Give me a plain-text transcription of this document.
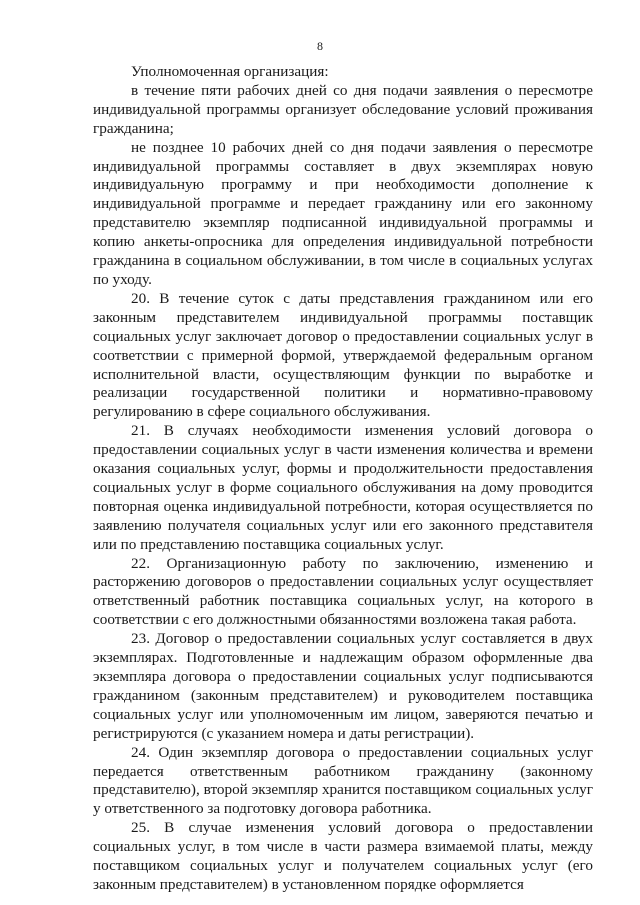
8

Уполномоченная организация:

в течение пяти рабочих дней со дня подачи заявления о пересмотре индивидуальной программы организует обследование условий проживания гражданина;

не позднее 10 рабочих дней со дня подачи заявления о пересмотре индивидуальной программы составляет в двух экземплярах новую индивидуальную программу и при необходимости дополнение к индивидуальной программе и передает гражданину или его законному представителю экземпляр подписанной индивидуальной программы и копию анкеты-опросника для определения индивидуальной потребности гражданина в социальном обслуживании, в том числе в социальных услугах по уходу.

20. В течение суток с даты представления гражданином или его законным представителем индивидуальной программы поставщик социальных услуг заключает договор о предоставлении социальных услуг в соответствии с примерной формой, утверждаемой федеральным органом исполнительной власти, осуществляющим функции по выработке и реализации государственной политики и нормативно-правовому регулированию в сфере социального обслуживания.

21. В случаях необходимости изменения условий договора о предоставлении социальных услуг в части изменения количества и времени оказания социальных услуг, формы и продолжительности предоставления социальных услуг в форме социального обслуживания на дому проводится повторная оценка индивидуальной потребности, которая осуществляется по заявлению получателя социальных услуг или его законного представителя или по представлению поставщика социальных услуг.

22. Организационную работу по заключению, изменению и расторжению договоров о предоставлении социальных услуг осуществляет ответственный работник поставщика социальных услуг, на которого в соответствии с его должностными обязанностями возложена такая работа.

23. Договор о предоставлении социальных услуг составляется в двух экземплярах. Подготовленные и надлежащим образом оформленные два экземпляра договора о предоставлении социальных услуг подписываются гражданином (законным представителем) и руководителем поставщика социальных услуг или уполномоченным им лицом, заверяются печатью и регистрируются (с указанием номера и даты регистрации).

24. Один экземпляр договора о предоставлении социальных услуг передается ответственным работником гражданину (законному представителю), второй экземпляр хранится поставщиком социальных услуг у ответственного за подготовку договора работника.

25. В случае изменения условий договора о предоставлении социальных услуг, в том числе в части размера взимаемой платы, между поставщиком социальных услуг и получателем социальных услуг (его законным представителем) в установленном порядке оформляется
